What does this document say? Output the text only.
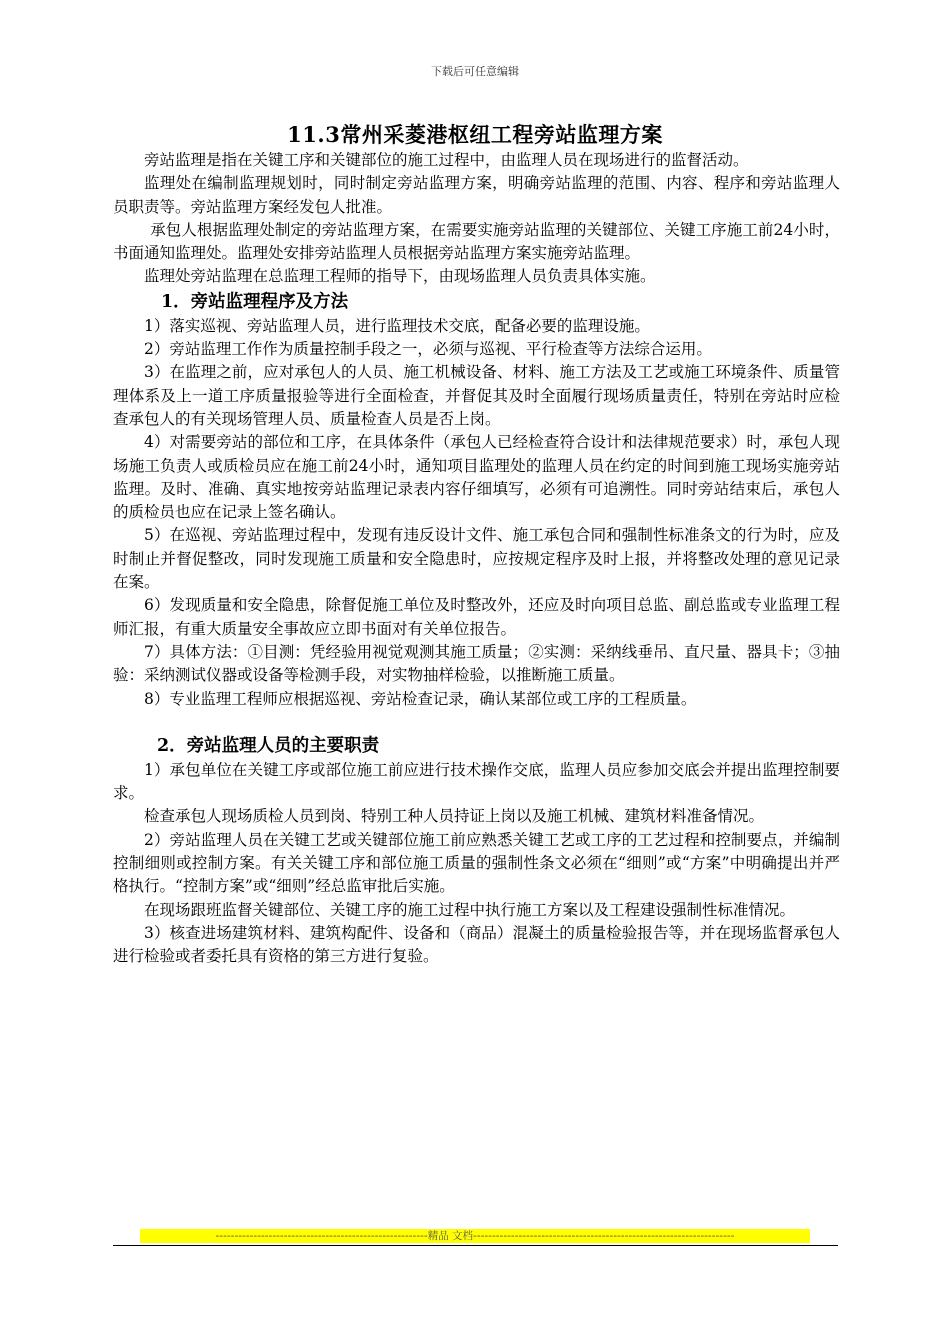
下载后可任意编辑
11.3常州采菱港枢纽工程旁站监理方案

旁站监理是指在关键工序和关键部位的施工过程中，由监理人员在现场进行的监督活动。

监理处在编制监理规划时，同时制定旁站监理方案，明确旁站监理的范围、内容、程序和旁站监理人员职责等。旁站监理方案经发包人批准。

承包人根据监理处制定的旁站监理方案，在需要实施旁站监理的关键部位、关键工序施工前24小时，书面通知监理处。监理处安排旁站监理人员根据旁站监理方案实施旁站监理。

监理处旁站监理在总监理工程师的指导下，由现场监理人员负责具体实施。

1．旁站监理程序及方法

1）落实巡视、旁站监理人员，进行监理技术交底，配备必要的监理设施。

2）旁站监理工作作为质量控制手段之一，必须与巡视、平行检查等方法综合运用。

3）在监理之前，应对承包人的人员、施工机械设备、材料、施工方法及工艺或施工环境条件、质量管理体系及上一道工序质量报验等进行全面检查，并督促其及时全面履行现场质量责任，特别在旁站时应检查承包人的有关现场管理人员、质量检查人员是否上岗。

4）对需要旁站的部位和工序，在具体条件（承包人已经检查符合设计和法律规范要求）时，承包人现场施工负责人或质检员应在施工前24小时，通知项目监理处的监理人员在约定的时间到施工现场实施旁站监理。及时、准确、真实地按旁站监理记录表内容仔细填写，必须有可追溯性。同时旁站结束后，承包人的质检员也应在记录上签名确认。

5）在巡视、旁站监理过程中，发现有违反设计文件、施工承包合同和强制性标准条文的行为时，应及时制止并督促整改，同时发现施工质量和安全隐患时，应按规定程序及时上报，并将整改处理的意见记录在案。

6）发现质量和安全隐患，除督促施工单位及时整改外，还应及时向项目总监、副总监或专业监理工程师汇报，有重大质量安全事故应立即书面对有关单位报告。

7）具体方法：①目测：凭经验用视觉观测其施工质量；②实测：采纳线垂吊、直尺量、器具卡；③抽验：采纳测试仪器或设备等检测手段，对实物抽样检验，以推断施工质量。

8）专业监理工程师应根据巡视、旁站检查记录，确认某部位或工序的工程质量。

2．旁站监理人员的主要职责

1）承包单位在关键工序或部位施工前应进行技术操作交底，监理人员应参加交底会并提出监理控制要求。

检查承包人现场质检人员到岗、特别工种人员持证上岗以及施工机械、建筑材料准备情况。

2）旁站监理人员在关键工艺或关键部位施工前应熟悉关键工艺或工序的工艺过程和控制要点，并编制控制细则或控制方案。有关关键工序和部位施工质量的强制性条文必须在“细则”或“方案”中明确提出并严格执行。“控制方案”或“细则”经总监审批后实施。

在现场跟班监督关键部位、关键工序的施工过程中执行施工方案以及工程建设强制性标准情况。

3）核查进场建筑材料、建筑构配件、设备和（商品）混凝土的质量检验报告等，并在现场监督承包人进行检验或者委托具有资格的第三方进行复验。

--------------------------------------------------------精品 文档---------------------------------------------------------------------
